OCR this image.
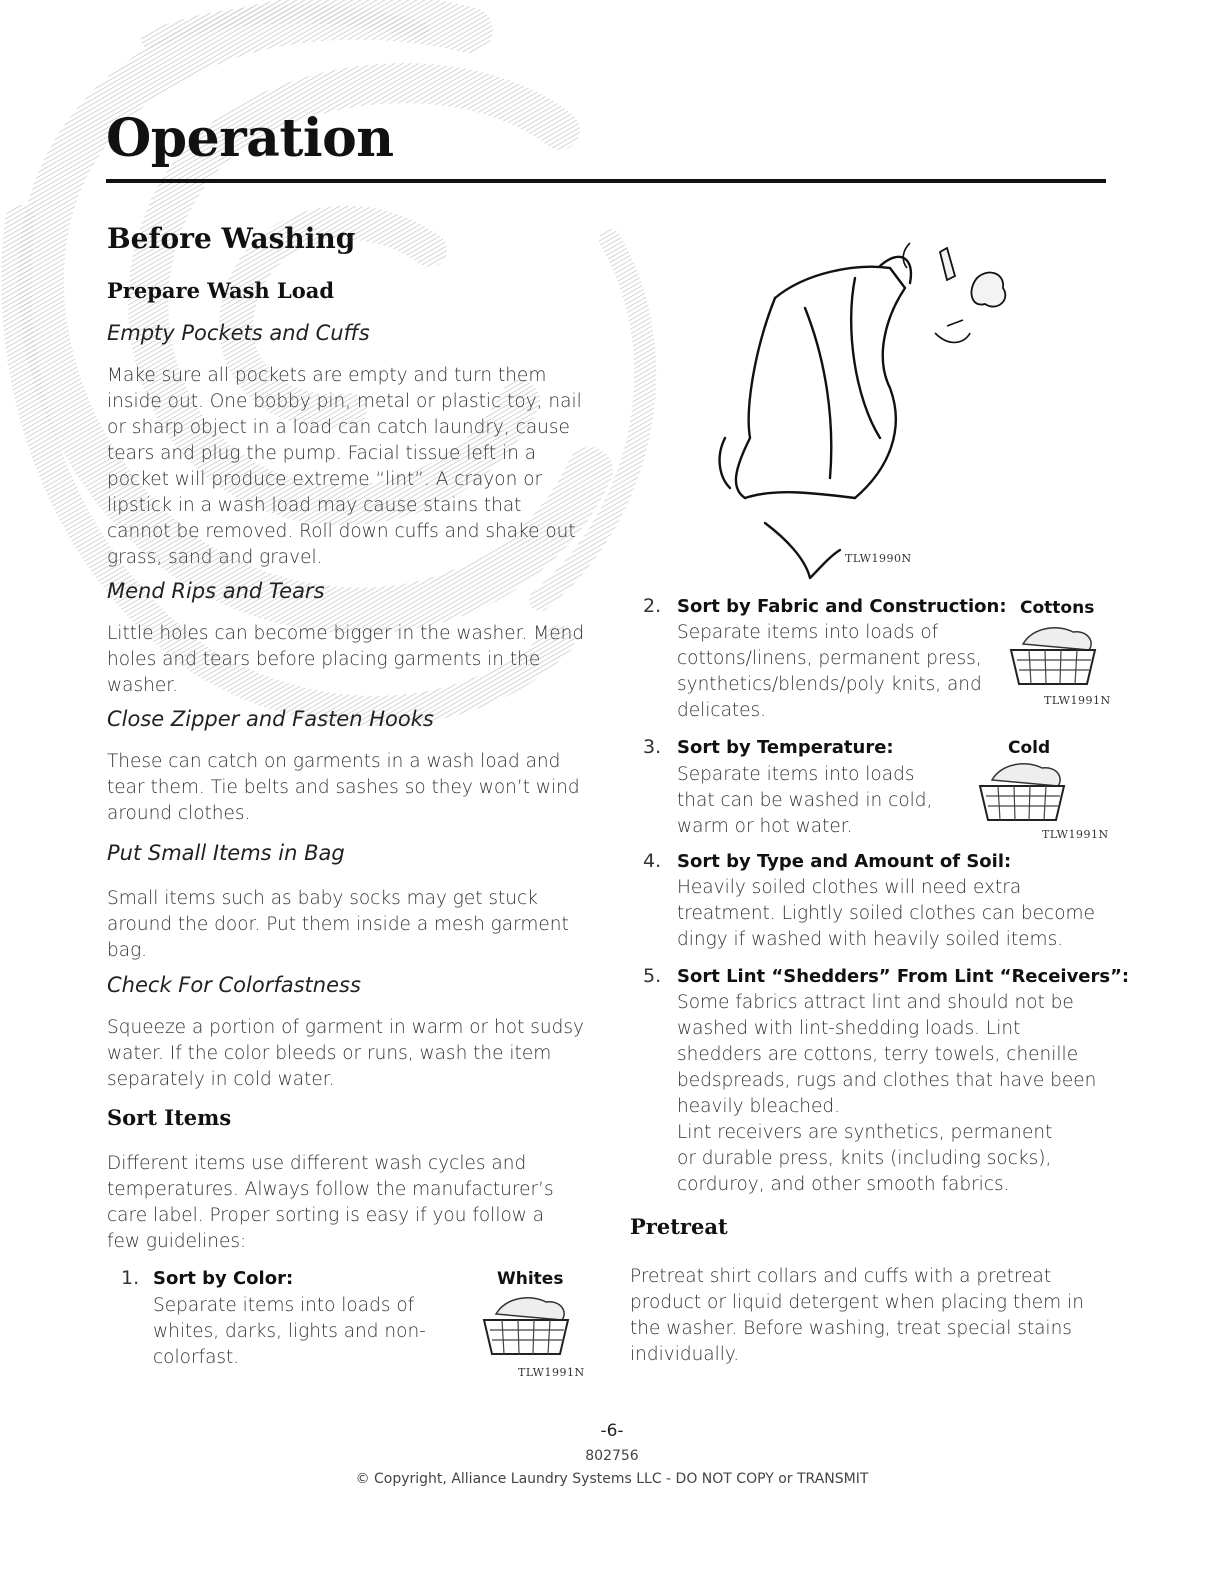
Operation
Before Washing
Prepare Wash Load
Empty Pockets and Cuffs
Make sure all pockets are empty and turn them inside out. One bobby pin, metal or plastic toy, nail or sharp object in a load can catch laundry, cause tears and plug the pump. Facial tissue left in a pocket will produce extreme “lint”. A crayon or lipstick in a wash load may cause stains that cannot be removed. Roll down cuffs and shake out grass, sand and gravel.
Mend Rips and Tears
Little holes can become bigger in the washer. Mend holes and tears before placing garments in the washer.
Close Zipper and Fasten Hooks
These can catch on garments in a wash load and tear them. Tie belts and sashes so they won’t wind around clothes.
Put Small Items in Bag
Small items such as baby socks may get stuck around the door. Put them inside a mesh garment bag.
Check For Colorfastness
Squeeze a portion of garment in warm or hot sudsy water. If the color bleeds or runs, wash the item separately in cold water.
Sort Items
Different items use different wash cycles and temperatures. Always follow the manufacturer’s care label. Proper sorting is easy if you follow a few guidelines:
1. Sort by Color:
Separate items into loads of whites, darks, lights and non-colorfast.
Whites
TLW1991N
TLW1990N
2. Sort by Fabric and Construction:
Separate items into loads of cottons/linens, permanent press, synthetics/blends/poly knits, and delicates.
Cottons
TLW1991N
3. Sort by Temperature:
Separate items into loads that can be washed in cold, warm or hot water.
Cold
TLW1991N
4. Sort by Type and Amount of Soil:
Heavily soiled clothes will need extra treatment. Lightly soiled clothes can become dingy if washed with heavily soiled items.
5. Sort Lint “Shedders” From Lint “Receivers”:
Some fabrics attract lint and should not be washed with lint-shedding loads. Lint shedders are cottons, terry towels, chenille bedspreads, rugs and clothes that have been heavily bleached.
Lint receivers are synthetics, permanent or durable press, knits (including socks), corduroy, and other smooth fabrics.
Pretreat
Pretreat shirt collars and cuffs with a pretreat product or liquid detergent when placing them in the washer. Before washing, treat special stains individually.
-6-
802756
© Copyright, Alliance Laundry Systems LLC - DO NOT COPY or TRANSMIT
